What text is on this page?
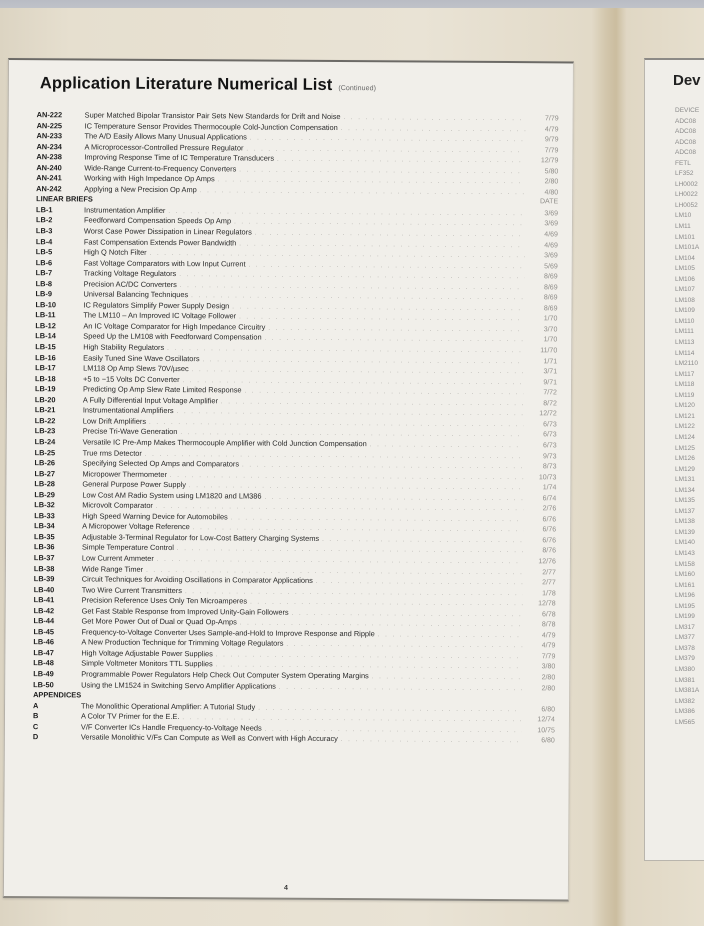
Application Literature Numerical List (Continued)
AN-222	Super Matched Bipolar Transistor Pair Sets New Standards for Drift and Noise . . .	7/79
AN-225	IC Temperature Sensor Provides Thermocouple Cold-Junction Compensation . . .	4/79
AN-233	The A/D Easily Allows Many Unusual Applications . . .	9/79
AN-234	A Microprocessor-Controlled Pressure Regulator . . .	7/79
AN-238	Improving Response Time of IC Temperature Transducers . . .	12/79
AN-240	Wide-Range Current-to-Frequency Converters . . .	5/80
AN-241	Working with High Impedance Op Amps . . .	2/80
AN-242	Applying a New Precision Op Amp . . .	4/80
LINEAR BRIEFS	DATE
LB-1	Instrumentation Amplifier . . .	3/69
LB-2	Feedforward Compensation Speeds Op Amp . . .	3/69
LB-3	Worst Case Power Dissipation in Linear Regulators . . .	4/69
LB-4	Fast Compensation Extends Power Bandwidth . . .	4/69
LB-5	High Q Notch Filter . . .	3/69
LB-6	Fast Voltage Comparators with Low Input Current . . .	5/69
LB-7	Tracking Voltage Regulators . . .	8/69
LB-8	Precision AC/DC Converters . . .	8/69
LB-9	Universal Balancing Techniques . . .	8/69
LB-10	IC Regulators Simplify Power Supply Design . . .	8/69
LB-11	The LM110 – An Improved IC Voltage Follower . . .	1/70
LB-12	An IC Voltage Comparator for High Impedance Circuitry . . .	3/70
LB-14	Speed Up the LM108 with Feedforward Compensation . . .	1/70
LB-15	High Stability Regulators . . .	11/70
LB-16	Easily Tuned Sine Wave Oscillators . . .	1/71
LB-17	LM118 Op Amp Slews 70V/µsec . . .	3/71
LB-18	+5 to −15 Volts DC Converter . . .	9/71
LB-19	Predicting Op Amp Slew Rate Limited Response . . .	7/72
LB-20	A Fully Differential Input Voltage Amplifier . . .	8/72
LB-21	Instrumentational Amplifiers . . .	12/72
LB-22	Low Drift Amplifiers . . .	6/73
LB-23	Precise Tri-Wave Generation . . .	6/73
LB-24	Versatile IC Pre-Amp Makes Thermocouple Amplifier with Cold Junction Compensation . . .	6/73
LB-25	True rms Detector . . .	9/73
LB-26	Specifying Selected Op Amps and Comparators . . .	8/73
LB-27	Micropower Thermometer . . .	10/73
LB-28	General Purpose Power Supply . . .	1/74
LB-29	Low Cost AM Radio System using LM1820 and LM386 . . .	6/74
LB-32	Microvolt Comparator . . .	2/76
LB-33	High Speed Warning Device for Automobiles . . .	6/76
LB-34	A Micropower Voltage Reference . . .	6/76
LB-35	Adjustable 3-Terminal Regulator for Low-Cost Battery Charging Systems . . .	6/76
LB-36	Simple Temperature Control . . .	8/76
LB-37	Low Current Ammeter . . .	12/76
LB-38	Wide Range Timer . . .	2/77
LB-39	Circuit Techniques for Avoiding Oscillations in Comparator Applications . . .	2/77
LB-40	Two Wire Current Transmitters . . .	1/78
LB-41	Precision Reference Uses Only Ten Microamperes . . .	12/78
LB-42	Get Fast Stable Response from Improved Unity-Gain Followers . . .	6/78
LB-44	Get More Power Out of Dual or Quad Op-Amps . . .	8/78
LB-45	Frequency-to-Voltage Converter Uses Sample-and-Hold to Improve Response and Ripple . . .	4/79
LB-46	A New Production Technique for Trimming Voltage Regulators . . .	4/79
LB-47	High Voltage Adjustable Power Supplies . . .	7/79
LB-48	Simple Voltmeter Monitors TTL Supplies . . .	3/80
LB-49	Programmable Power Regulators Help Check Out Computer System Operating Margins . . .	2/80
LB-50	Using the LM1524 in Switching Servo Amplifier Applications . . .	2/80
APPENDICES
A	The Monolithic Operational Amplifier: A Tutorial Study . . .	6/80
B	A Color TV Primer for the E.E. . . .	12/74
C	V/F Converter ICs Handle Frequency-to-Voltage Needs . . .	10/75
D	Versatile Monolithic V/Fs Can Compute as Well as Convert with High Accuracy . . .	6/80
4
Dev
DEVICE
ADC08
ADC08
ADC08
ADC08
FETL
LF352
LH0002
LH0022
LH0052
LM10
LM11
LM101
LM101A
LM104
LM105
LM106
LM107
LM108
LM109
LM110
LM111
LM113
LM114
LM2110
LM117
LM118
LM119
LM120
LM121
LM122
LM124
LM125
LM126
LM129
LM131
LM134
LM135
LM137
LM138
LM139
LM140
LM143
LM158
LM160
LM161
LM196
LM195
LM199
LM317
LM377
LM378
LM379
LM380
LM381
LM381A
LM382
LM386
LM565
